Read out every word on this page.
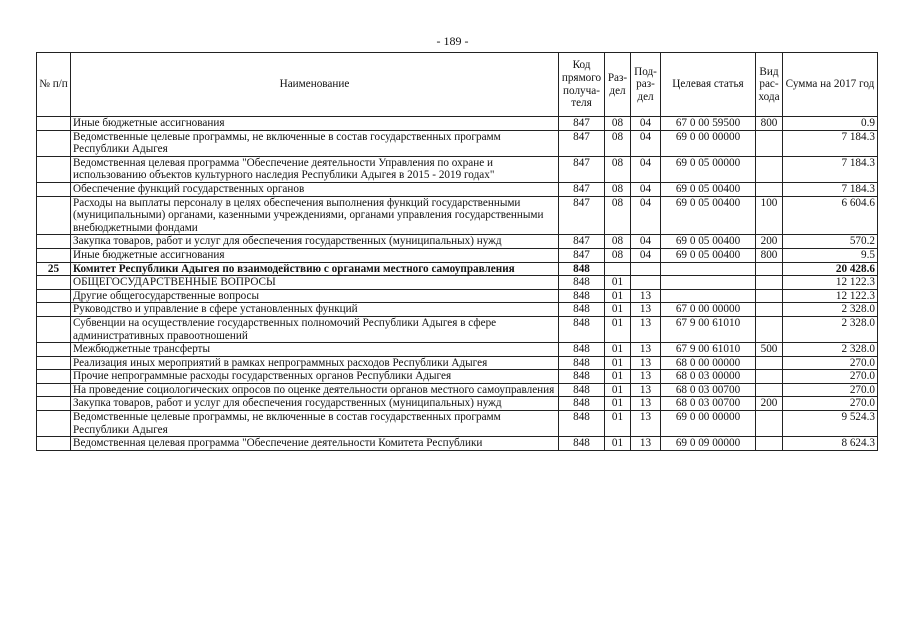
- 189 -
№ п/п	Наименование	Код прямого получа- теля	Раз- дел	Под- раз- дел	Целевая статья	Вид рас- хода	Сумма на 2017 год
	Иные бюджетные ассигнования	847	08	04	67 0 00 59500	800	0.9
	Ведомственные целевые программы, не включенные в состав государственных программ Республики Адыгея	847	08	04	69 0 00 00000		7 184.3
	Ведомственная целевая программа "Обеспечение деятельности Управления по охране и использованию объектов культурного наследия Республики Адыгея в 2015 - 2019 годах"	847	08	04	69 0 05 00000		7 184.3
	Обеспечение функций государственных органов	847	08	04	69 0 05 00400		7 184.3
	Расходы на выплаты персоналу в целях обеспечения выполнения функций государственными (муниципальными) органами, казенными учреждениями, органами управления государственными внебюджетными фондами	847	08	04	69 0 05 00400	100	6 604.6
	Закупка товаров, работ и услуг для обеспечения государственных (муниципальных) нужд	847	08	04	69 0 05 00400	200	570.2
	Иные бюджетные ассигнования	847	08	04	69 0 05 00400	800	9.5
25	Комитет Республики Адыгея по взаимодействию с органами местного самоуправления	848					20 428.6
	ОБЩЕГОСУДАРСТВЕННЫЕ ВОПРОСЫ	848	01				12 122.3
	Другие общегосударственные вопросы	848	01	13			12 122.3
	Руководство и управление в сфере установленных функций	848	01	13	67 0 00 00000		2 328.0
	Субвенции на осуществление государственных полномочий Республики Адыгея в сфере административных правоотношений	848	01	13	67 9 00 61010		2 328.0
	Межбюджетные трансферты	848	01	13	67 9 00 61010	500	2 328.0
	Реализация иных мероприятий в рамках непрограммных расходов Республики Адыгея	848	01	13	68 0 00 00000		270.0
	Прочие непрограммные расходы государственных органов Республики Адыгея	848	01	13	68 0 03 00000		270.0
	На проведение социологических опросов по оценке деятельности органов местного самоуправления	848	01	13	68 0 03 00700		270.0
	Закупка товаров, работ и услуг для обеспечения государственных (муниципальных) нужд	848	01	13	68 0 03 00700	200	270.0
	Ведомственные целевые программы, не включенные в состав государственных программ Республики Адыгея	848	01	13	69 0 00 00000		9 524.3
	Ведомственная целевая программа "Обеспечение деятельности Комитета Республики	848	01	13	69 0 09 00000		8 624.3
